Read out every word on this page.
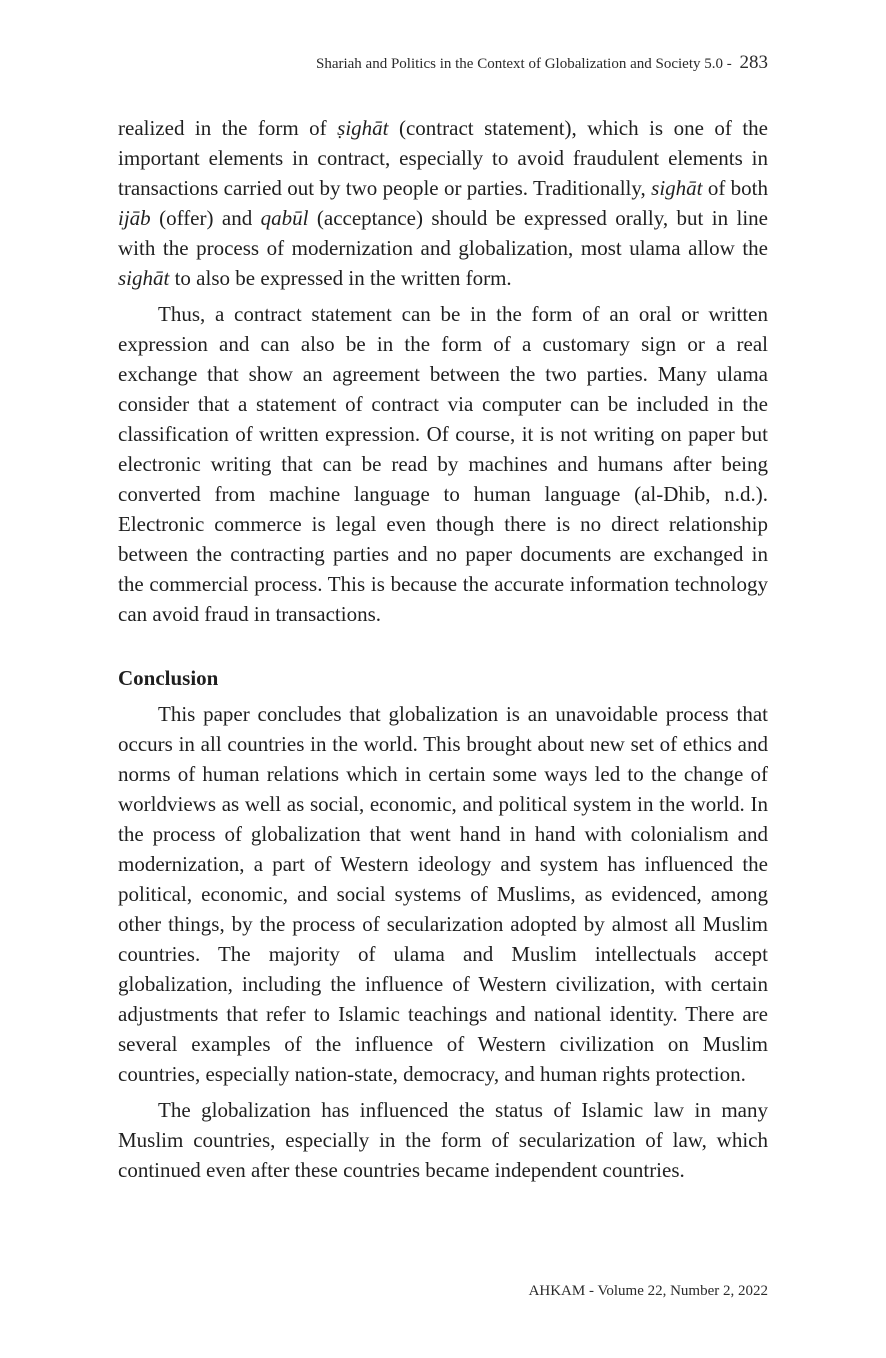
Shariah and Politics in the Context of Globalization and Society 5.0 - 283

realized in the form of ṣighāt (contract statement), which is one of the important elements in contract, especially to avoid fraudulent elements in transactions carried out by two people or parties. Traditionally, sighāt of both ijāb (offer) and qabūl (acceptance) should be expressed orally, but in line with the process of modernization and globalization, most ulama allow the sighāt to also be expressed in the written form.

Thus, a contract statement can be in the form of an oral or written expression and can also be in the form of a customary sign or a real exchange that show an agreement between the two parties. Many ulama consider that a statement of contract via computer can be included in the classification of written expression. Of course, it is not writing on paper but electronic writing that can be read by machines and humans after being converted from machine language to human language (al-Dhib, n.d.). Electronic commerce is legal even though there is no direct relationship between the contracting parties and no paper documents are exchanged in the commercial process. This is because the accurate information technology can avoid fraud in transactions.

Conclusion

This paper concludes that globalization is an unavoidable process that occurs in all countries in the world. This brought about new set of ethics and norms of human relations which in certain some ways led to the change of worldviews as well as social, economic, and political system in the world. In the process of globalization that went hand in hand with colonialism and modernization, a part of Western ideology and system has influenced the political, economic, and social systems of Muslims, as evidenced, among other things, by the process of secularization adopted by almost all Muslim countries. The majority of ulama and Muslim intellectuals accept globalization, including the influence of Western civilization, with certain adjustments that refer to Islamic teachings and national identity. There are several examples of the influence of Western civilization on Muslim countries, especially nation-state, democracy, and human rights protection.

The globalization has influenced the status of Islamic law in many Muslim countries, especially in the form of secularization of law, which continued even after these countries became independent countries.

AHKAM - Volume 22, Number 2, 2022
